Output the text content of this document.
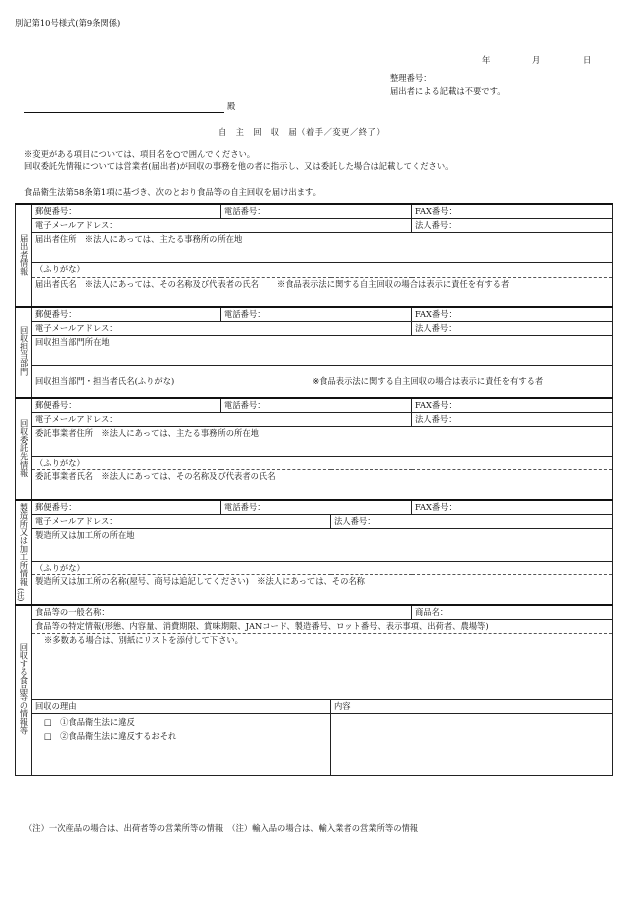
別記第10号様式(第9条関係)
年	月	日
整理番号：
届出者による記載は不要です。
殿
自　主　回　収　届（着手／変更／終了）
※変更がある項目については、項目名を○で囲んでください。
回収委託先情報については営業者(届出者)が回収の事務を他の者に指示し、又は委託した場合は記載してください。
食品衛生法第58条第1項に基づき、次のとおり食品等の自主回収を届け出ます。
届出者情報	郵便番号：	電話番号：		FAX番号：
	電子メールアドレス：			法人番号：
	届出者住所　※法人にあっては、主たる事務所の所在地			
	（ふりがな）			
	届出者氏名　※法人にあっては、その名称及び代表者の氏名 ※食品表示法に関する自主回収の場合は表示に責任を有する者			

回収担当部門	郵便番号：	電話番号：		FAX番号：
	電子メールアドレス：			法人番号：
	回収担当部門所在地			
	回収担当部門・担当者氏名(ふりがな) ※食品表示法に関する自主回収の場合は表示に責任を有する者			
回収委託先情報	郵便番号：	電話番号：		FAX番号：
	電子メールアドレス：			法人番号：
	委託事業者住所　※法人にあっては、主たる事務所の所在地			
	（ふりがな）			
	委託事業者氏名　※法人にあっては、その名称及び代表者の氏名			
製造所又は加工所情報
(注)	郵便番号：	電話番号：		FAX番号：
	電子メールアドレス：		法人番号：	
	製造所又は加工所の所在地			
	（ふりがな）			
	製造所又は加工所の名称(屋号、商号は追記してください)　※法人にあっては、その名称			
回収する食品等の情報等	食品等の一般名称：			商品名：

	食品等の特定情報(形態、内容量、消費期限、賞味期限、JANコード、製造番号、ロット番号、表示事項、出荷者、農場等)
※多数ある場合は、別紙にリストを添付して下さい。			

	回収の理由		内容	

	□　①食品衛生法に違反
□　②食品衛生法に違反するおそれ			

（注）一次産品の場合は、出荷者等の営業所等の情報　（注）輸入品の場合は、輸入業者の営業所等の情報
